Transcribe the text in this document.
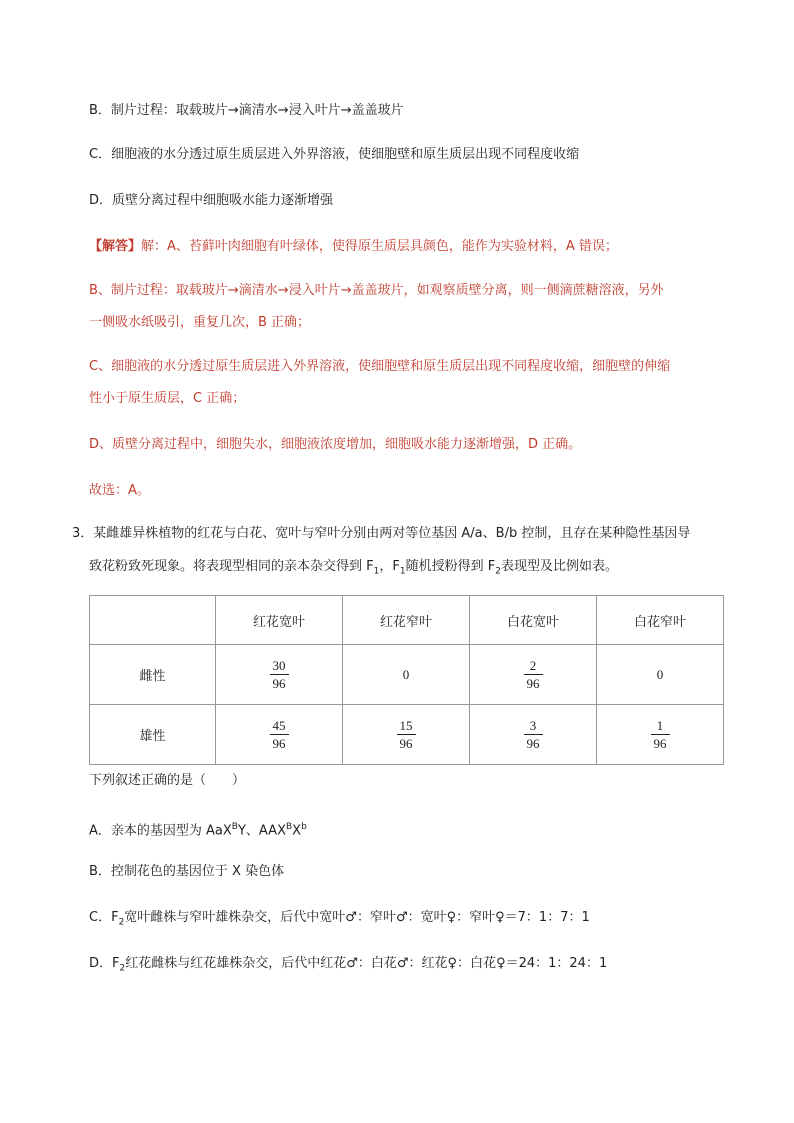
B．制片过程：取载玻片→滴清水→浸入叶片→盖盖玻片
C．细胞液的水分透过原生质层进入外界溶液，使细胞壁和原生质层出现不同程度收缩
D．质壁分离过程中细胞吸水能力逐渐增强
【解答】解：A、苔藓叶肉细胞有叶绿体，使得原生质层具颜色，能作为实验材料，A 错误；
B、制片过程：取载玻片→滴清水→浸入叶片→盖盖玻片，如观察质壁分离，则一侧滴蔗糖溶液，另外
一侧吸水纸吸引，重复几次，B 正确；
C、细胞液的水分透过原生质层进入外界溶液，使细胞壁和原生质层出现不同程度收缩，细胞壁的伸缩
性小于原生质层，C 正确；
D、质壁分离过程中，细胞失水，细胞液浓度增加，细胞吸水能力逐渐增强，D 正确。
故选：A。
3．某雌雄异株植物的红花与白花、宽叶与窄叶分别由两对等位基因 A/a、B/b 控制，且存在某种隐性基因导
致花粉致死现象。将表现型相同的亲本杂交得到 $F_1$，$F_1$随机授粉得到 $F_2$表现型及比例如表。
	红花宽叶	红花窄叶	白花宽叶	白花窄叶
雌性	$\frac{30}{96}$	0	$\frac{2}{96}$	0
雄性	$\frac{45}{96}$	$\frac{15}{96}$	$\frac{3}{96}$	$\frac{1}{96}$
下列叙述正确的是（　　）
A．亲本的基因型为 AaX$^B$Y、$AAX^BX^b$
B．控制花色的基因位于 X 染色体
C．$F_2$宽叶雌株与窄叶雄株杂交，后代中宽叶♂：窄叶♂：宽叶♀：窄叶♀＝7：1：7：1
D．$F_2$红花雌株与红花雄株杂交，后代中红花♂：白花♂：红花♀：白花♀＝24：1：24：1
